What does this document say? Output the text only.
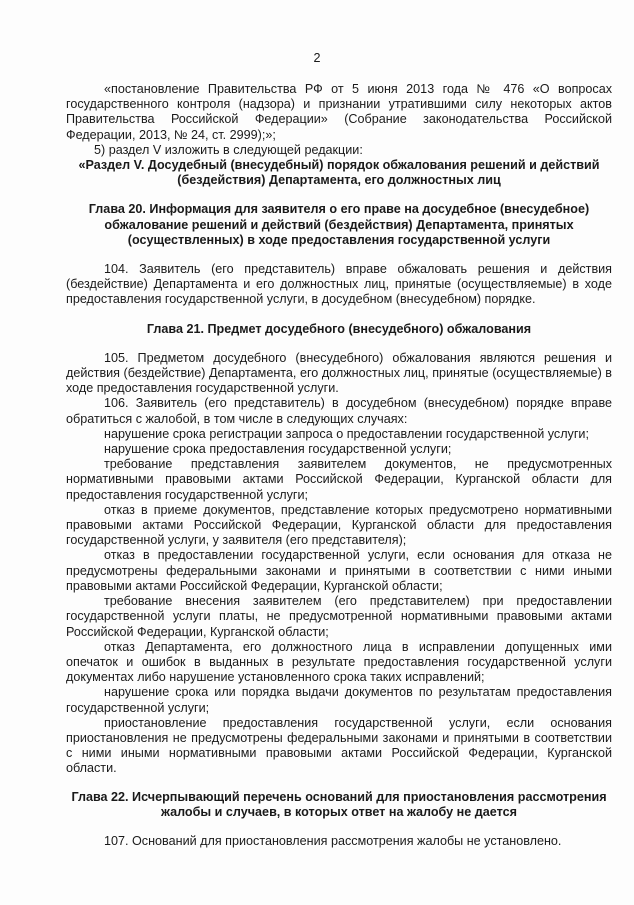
2

«постановление Правительства РФ от 5 июня 2013 года № 476 «О вопросах государственного контроля (надзора) и признании утратившими силу некоторых актов Правительства Российской Федерации» (Собрание законодательства Российской Федерации, 2013, № 24, ст. 2999);»;

5) раздел V изложить в следующей редакции:

«Раздел V. Досудебный (внесудебный) порядок обжалования решений и действий (бездействия) Департамента, его должностных лиц

Глава 20. Информация для заявителя о его праве на досудебное (внесудебное) обжалование решений и действий (бездействия) Департамента, принятых (осуществленных) в ходе предоставления государственной услуги

104. Заявитель (его представитель) вправе обжаловать решения и действия (бездействие) Департамента и его должностных лиц, принятые (осуществляемые) в ходе предоставления государственной услуги, в досудебном (внесудебном) порядке.

Глава 21. Предмет досудебного (внесудебного) обжалования

105. Предметом досудебного (внесудебного) обжалования являются решения и действия (бездействие) Департамента, его должностных лиц, принятые (осуществляемые) в ходе предоставления государственной услуги.

106. Заявитель (его представитель) в досудебном (внесудебном) порядке вправе обратиться с жалобой, в том числе в следующих случаях:

нарушение срока регистрации запроса о предоставлении государственной услуги;

нарушение срока предоставления государственной услуги;

требование представления заявителем документов, не предусмотренных нормативными правовыми актами Российской Федерации, Курганской области для предоставления государственной услуги;

отказ в приеме документов, представление которых предусмотрено нормативными правовыми актами Российской Федерации, Курганской области для предоставления государственной услуги, у заявителя (его представителя);

отказ в предоставлении государственной услуги, если основания для отказа не предусмотрены федеральными законами и принятыми в соответствии с ними иными правовыми актами Российской Федерации, Курганской области;

требование внесения заявителем (его представителем) при предоставлении государственной услуги платы, не предусмотренной нормативными правовыми актами Российской Федерации, Курганской области;

отказ Департамента, его должностного лица в исправлении допущенных ими опечаток и ошибок в выданных в результате предоставления государственной услуги документах либо нарушение установленного срока таких исправлений;

нарушение срока или порядка выдачи документов по результатам предоставления государственной услуги;

приостановление предоставления государственной услуги, если основания приостановления не предусмотрены федеральными законами и принятыми в соответствии с ними иными нормативными правовыми актами Российской Федерации, Курганской области.

Глава 22. Исчерпывающий перечень оснований для приостановления рассмотрения жалобы и случаев, в которых ответ на жалобу не дается

107. Оснований для приостановления рассмотрения жалобы не установлено.
